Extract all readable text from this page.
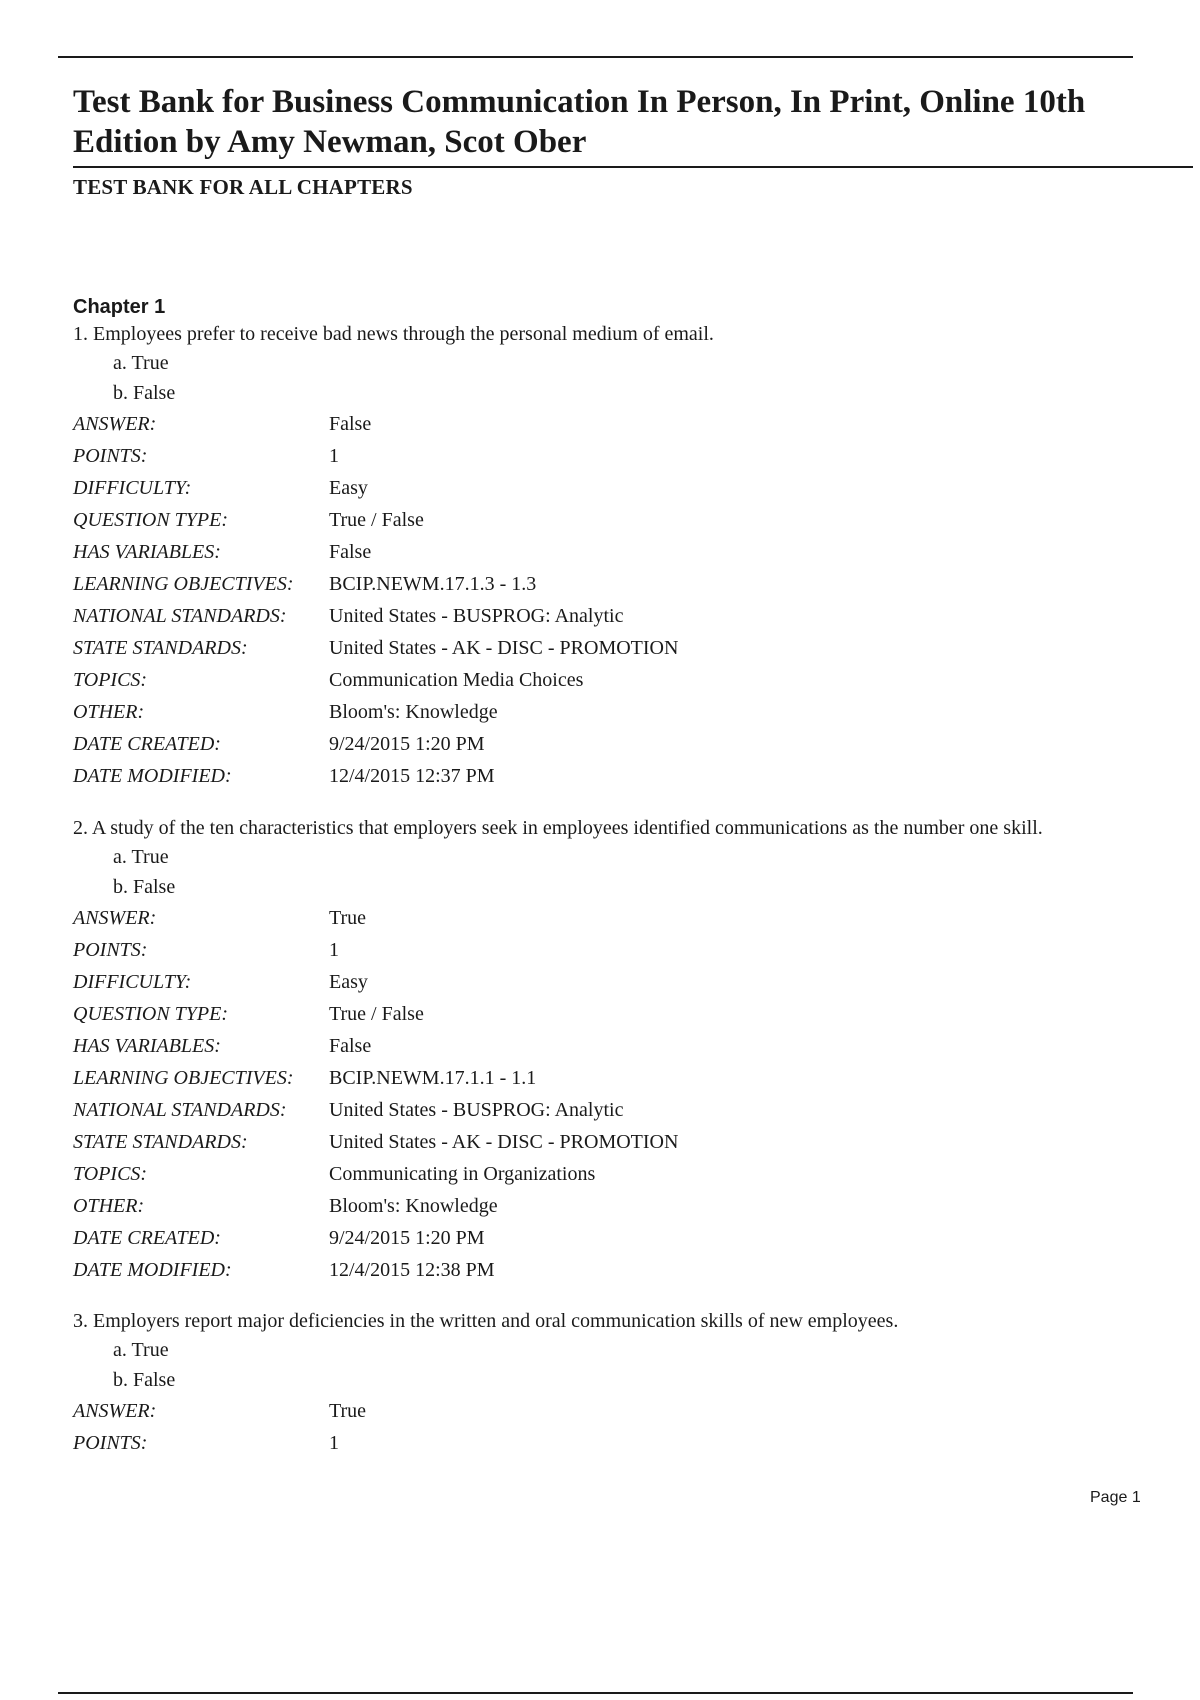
Test Bank for Business Communication In Person, In Print, Online 10th Edition by Amy Newman, Scot Ober
TEST BANK FOR ALL CHAPTERS
Chapter 1
1. Employees prefer to receive bad news through the personal medium of email.
a. True
b. False
ANSWER:	False
POINTS:	1
DIFFICULTY:	Easy
QUESTION TYPE:	True / False
HAS VARIABLES:	False
LEARNING OBJECTIVES:	BCIP.NEWM.17.1.3 - 1.3
NATIONAL STANDARDS:	United States - BUSPROG: Analytic
STATE STANDARDS:	United States - AK - DISC - PROMOTION
TOPICS:	Communication Media Choices
OTHER:	Bloom's: Knowledge
DATE CREATED:	9/24/2015 1:20 PM
DATE MODIFIED:	12/4/2015 12:37 PM
2. A study of the ten characteristics that employers seek in employees identified communications as the number one skill.
a. True
b. False
ANSWER:	True
POINTS:	1
DIFFICULTY:	Easy
QUESTION TYPE:	True / False
HAS VARIABLES:	False
LEARNING OBJECTIVES:	BCIP.NEWM.17.1.1 - 1.1
NATIONAL STANDARDS:	United States - BUSPROG: Analytic
STATE STANDARDS:	United States - AK - DISC - PROMOTION
TOPICS:	Communicating in Organizations
OTHER:	Bloom's: Knowledge
DATE CREATED:	9/24/2015 1:20 PM
DATE MODIFIED:	12/4/2015 12:38 PM
3. Employers report major deficiencies in the written and oral communication skills of new employees.
a. True
b. False
ANSWER:	True
POINTS:	1
Page 1
